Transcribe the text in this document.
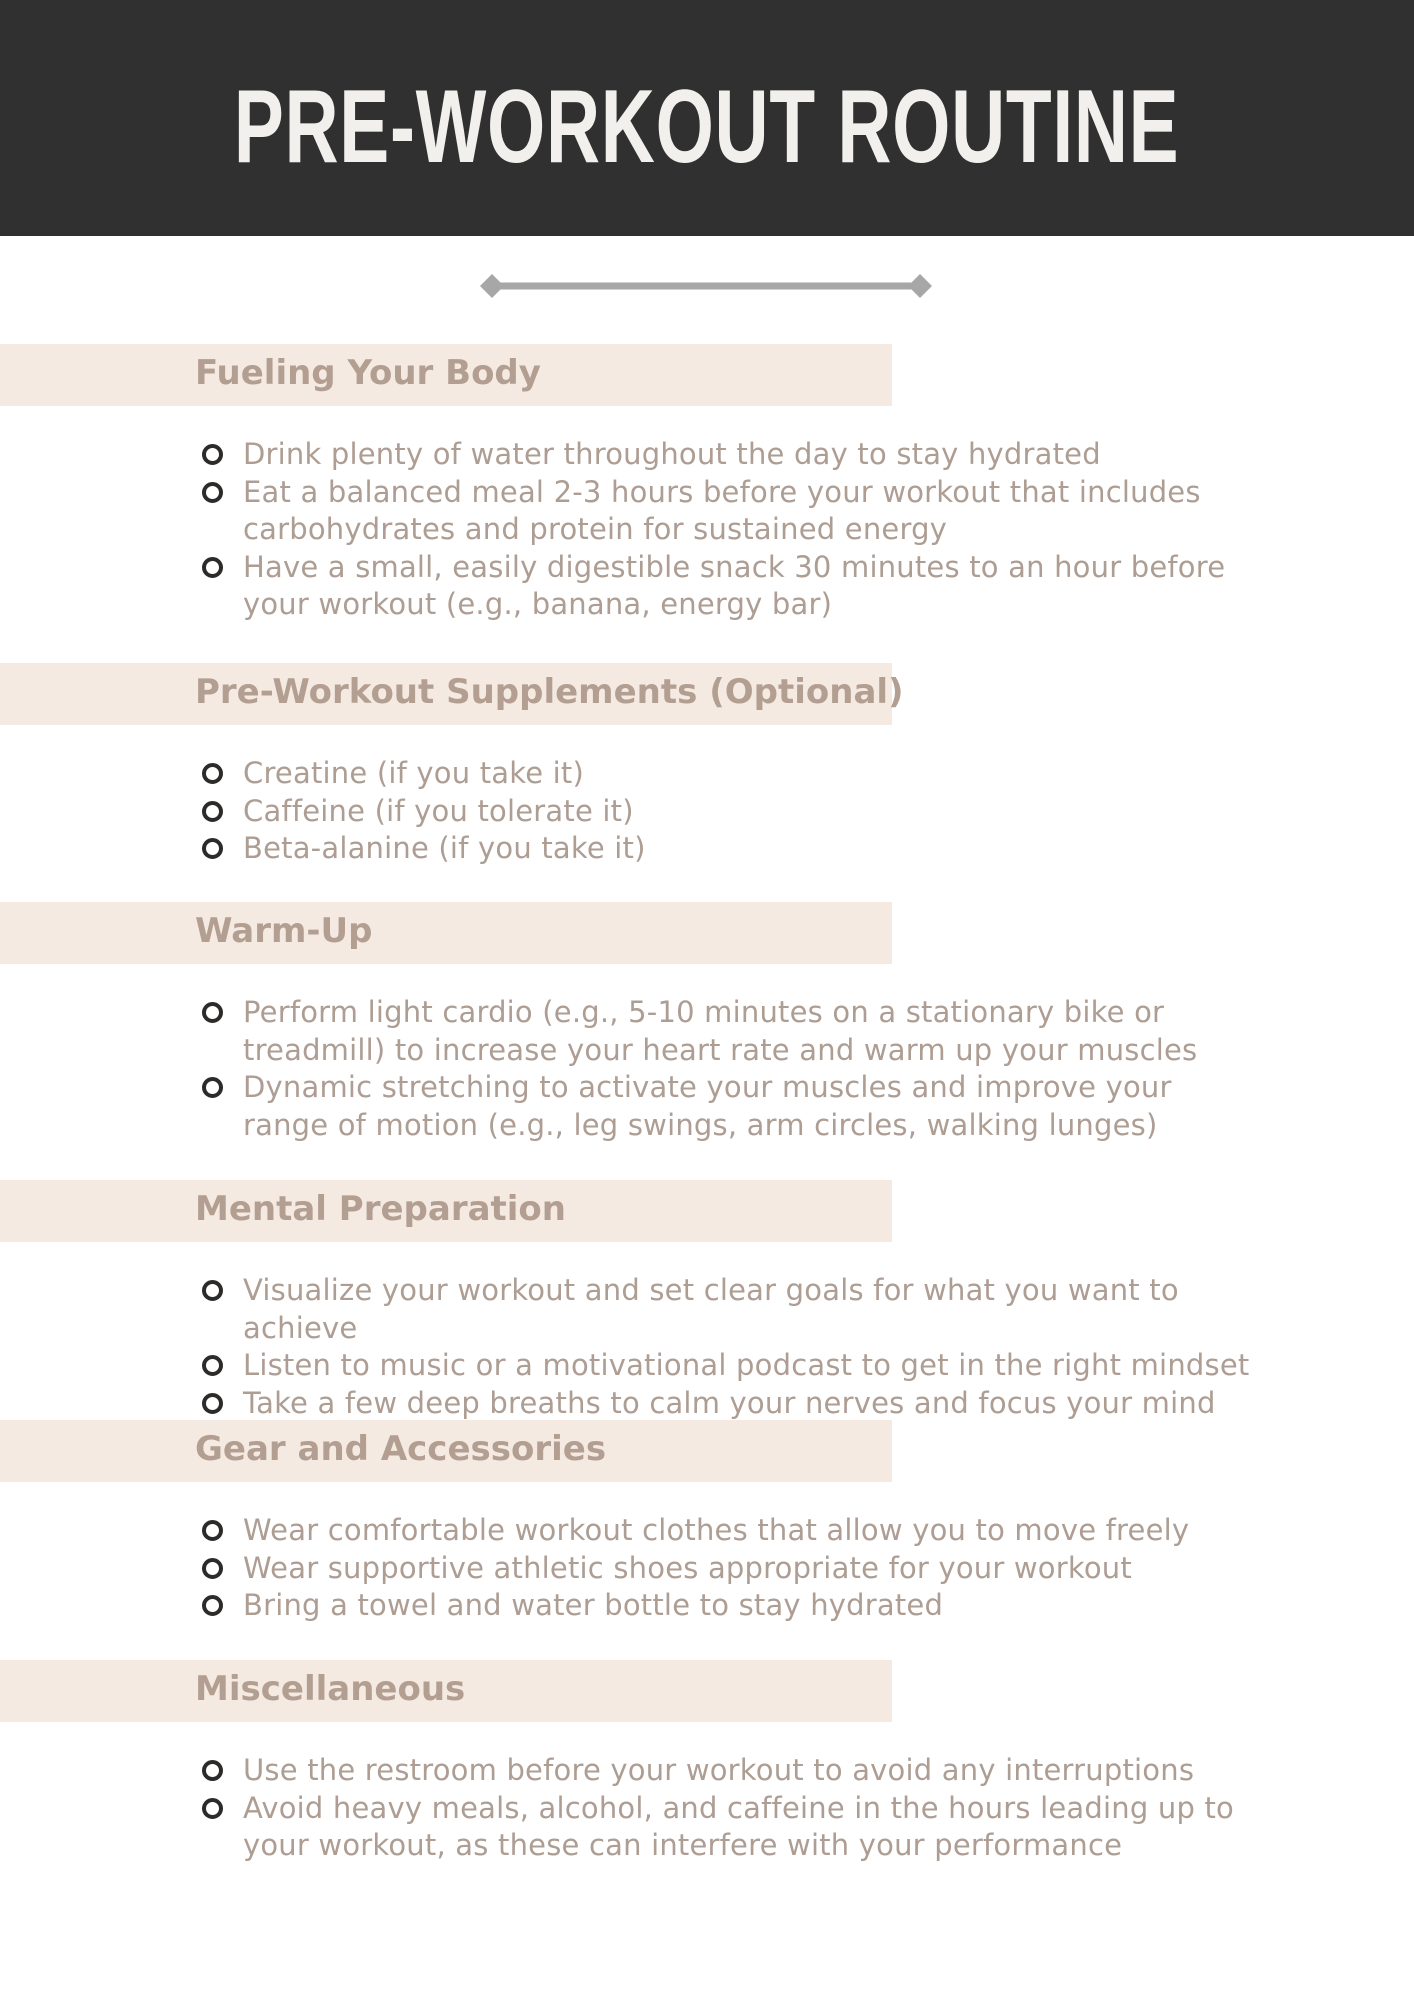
PRE-WORKOUT ROUTINE
Fueling Your Body
Drink plenty of water throughout the day to stay hydrated
Eat a balanced meal 2-3 hours before your workout that includes carbohydrates and protein for sustained energy
Have a small, easily digestible snack 30 minutes to an hour before your workout (e.g., banana, energy bar)
Pre-Workout Supplements (Optional)
Creatine (if you take it)
Caffeine (if you tolerate it)
Beta-alanine (if you take it)
Warm-Up
Perform light cardio (e.g., 5-10 minutes on a stationary bike or treadmill) to increase your heart rate and warm up your muscles
Dynamic stretching to activate your muscles and improve your range of motion (e.g., leg swings, arm circles, walking lunges)
Mental Preparation
Visualize your workout and set clear goals for what you want to achieve
Listen to music or a motivational podcast to get in the right mindset
Take a few deep breaths to calm your nerves and focus your mind
Gear and Accessories
Wear comfortable workout clothes that allow you to move freely
Wear supportive athletic shoes appropriate for your workout
Bring a towel and water bottle to stay hydrated
Miscellaneous
Use the restroom before your workout to avoid any interruptions
Avoid heavy meals, alcohol, and caffeine in the hours leading up to your workout, as these can interfere with your performance
